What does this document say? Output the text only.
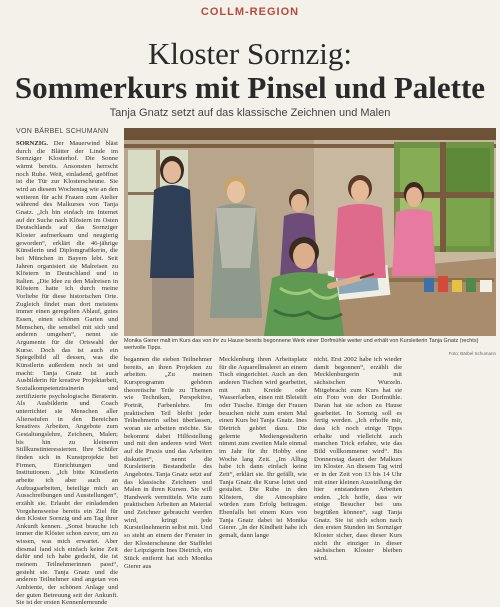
COLLM-REGION
Kloster Sornzig:
Sommerkurs mit Pinsel und Palette
Tanja Gnatz setzt auf das klassische Zeichnen und Malen
VON BÄRBEL SCHUMANN

SORNZIG. Der Mauerwind bläst durch die Blätter der Linde im Sornziger Klosterhof. Die Sonne wärmt bereits. Ansonsten herrscht noch Ruhe. Weit, einladend, geöffnet ist die Tür zur Klosterscheune. Sie wird an diesem Wochentag wie an den weiteren für acht Frauen zum Atelier während des Malkurses von Tanja Gnatz. „Ich bin einfach im Internet auf der Suche nach Klöstern im Osten Deutschlands auf das Sornziger Kloster aufmerksam und neugierig geworden“, erklärt die 46-jährige Künstlerin und Diplomgrafikerin, die bei München in Bayern lebt. Seit Jahren organisiert sie Malreisen zu Klöstern in Deutschland und in Italien. „Die Idee zu den Malreisen in Klöstern hatte ich durch meine Vorliebe für diese historischen Orte. Zugleich findet man dort meistens immer einen geregelten Ablauf, gutes Essen, einen schönen Garten und Menschen, die sensibel mit sich und anderen umgehen“, nennt sie Argumente für die Ortswahl der Kurse. Doch das ist auch ein Spiegelbild all dessen, was die Künstlerin außerdem noch ist und macht: Tanja Gnatz ist auch Ausbilderin für kreative Projektarbeit, Sozialkompetenztrainerin und zertifizierte psychologische Beraterin. Als Ausbilderin und Coach unterrichtet sie Menschen aller Altersstufen in den Bereichen kreatives Arbeiten, Angebote zum Gestaltungslehre, Zeichnen, Malen; bis hin zu kleineren Stillkunstinteressierten. Ihre Schüler finden sich in Kunstprojekte bei Firmen, Einrichtungen und Institutionen. „Ich bitte Künstlerin arbeite ich aber auch an Auftragsarbeiten, beteilige mich an Ausschreibungen und Ausstellungen“, erzählt sie. Erlaubt der einladenden Vorgehensweise bereits ein Ziel für den Kloster Sornzig und am Tag ihrer Ankunft kennen. „Sonst brauche ich immer die Klöster schon zuvor, um zu wissen, was mich erwartet. Aber diesmal fand sich einfach keine Zeit dafür und ich habe gedacht, die ist meinem Teilnehmerinnen passt“, gesteht sie. Tanja Gnatz und die anderen Teilnehmer sind angetan von Ambiente, der schönen Anlage und der guten Betreuung seit der Ankunft. Sie ist der ersten Kennenlernrunde

Monika Gierer malt im Kurs das von ihr zu Hause bereits begonnene Werk einer Dorfmühle weiter und erhält von Kursleiterin Tanja Gnatz (rechts) wertvolle Tipps.
Foto: Bärbel Schumann

begannen die sieben Teilnehmer bereits, an ihren Projekten zu arbeiten. „Zu meinen Kursprogramm gehören theoretische Teile zu Themen wie Techniken, Perspektive, Porträt, Farbenlehre. Im praktischen Teil bleibt jeder Teilnehmerin selbst überlassen, woran sie arbeiten möchte. Sie bekommt dabei Hilfestellung und mit den anderen wird Wert auf die Praxis und das Arbeiten diskutiert“, nennt die Kursleiterin Bestandteile des Angebotes. Tanja Gnatz setzt auf das klassische Zeichnen und Malen in ihren Kursen. Sie will Handwerk vermitteln. Wie zum praktischen Arbeiten an Material und Zeichner gebraucht werden wird, kringt jede Kursteilnehmerin selbst mit. Und so steht an einem der Fenster in der Klosterscheune der Staffelei der Leipzigerin Ines Dietrich, ein Stück entfernt hat sich Monika Gierer aus

Mecklenburg ihren Arbeitsplatz für die Aquarellmalerei an einem Tisch eingerichtet. Auch an den anderen Tischen wird gearbeitet, mit mit Kreide oder Wasserfarben, einen mit Bleistift oder Tusche. Einige der Frauen besuchen nicht zum ersten Mal einen Kurs bei Tanja Gnatz. Ines Dietrich gehört dazu. Die gelernte Mediengestalterin nimmt zum zweiten Male einmal im Jahr für ihr Hobby eine Woche lang Zeit. „Im Alltag habe ich dann einfach keine Zeit“, erklärt sie. Ihr gefällt, wie Tanja Gnatz die Kurse leitet und gestaltet. Die Ruhe in den Klöstern, die Atmosphäre würden zum Erfolg beitragen. Ebenfalls bei einem Kurs von Tanja Gnatz dabei ist Monika Gierer. „In der Kindheit habe ich gemalt, dann lange

nicht. Erst 2002 habe ich wieder damit begonnen“, erzählt die Mecklenburgerin mit sächsischen Wurzeln. Mitgebracht zum Kurs hat sie ein Foto von der Dorfmühle. Daran hat sie schon zu Hause gearbeitet. In Sornzig soll es fertig werden. „Ich erhoffe mir, dass ich noch einige Tipps erhalte und vielleicht auch manchen Trick erfahre, wie das Bild vollkommener wird“. Bis Donnerstag dauert der Malkurs im Kloster. An diesem Tag wird er in der Zeit von 13 bis 14 Uhr mit einer kleinen Ausstellung der hier entstandenen Arbeiten enden. „Ich hoffe, dass wir einige Besucher bei uns begrüßen können“, sagt Tanja Gnatz. Sie ist sich schon nach den ersten Stunden im Sornziger Kloster sicher, dass dieser Kurs nicht ihr einziger in dieser sächsischen Kloster bleiben wird.
